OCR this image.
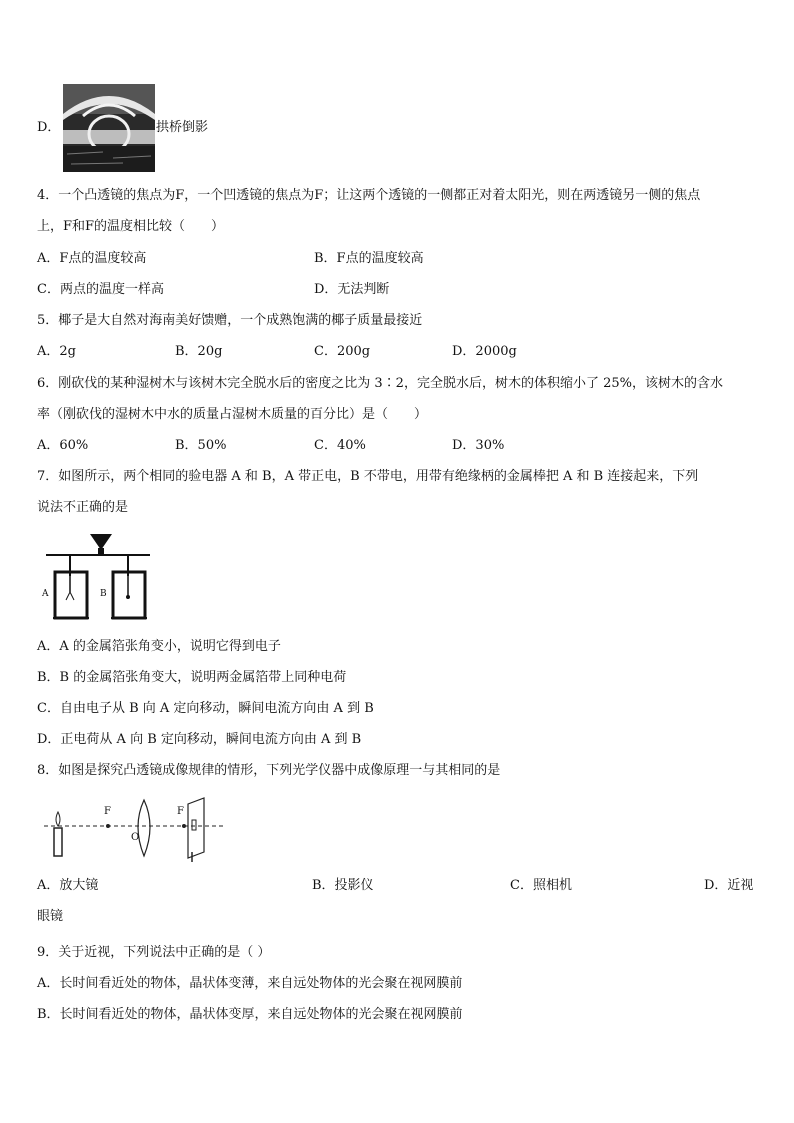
D．	拱桥倒影
4．一个凸透镜的焦点为F，一个凹透镜的焦点为F；让这两个透镜的一侧都正对着太阳光，则在两透镜另一侧的焦点
上，F和F的温度相比较（　　）
A．F点的温度较高	B．F点的温度较高
C．两点的温度一样高	D．无法判断
5．椰子是大自然对海南美好馈赠，一个成熟饱满的椰子质量最接近
A．2g	B．20g	C．200g	D．2000g
6．刚砍伐的某种湿树木与该树木完全脱水后的密度之比为 3∶2，完全脱水后，树木的体积缩小了 25%，该树木的含水
率（刚砍伐的湿树木中水的质量占湿树木质量的百分比）是（　　）
A．60%	B．50%	C．40%	D．30%
7．如图所示，两个相同的验电器 A 和 B，A 带正电，B 不带电，用带有绝缘柄的金属棒把 A 和 B 连接起来，下列
说法不正确的是
A	B
A．A 的金属箔张角变小，说明它得到电子
B．B 的金属箔张角变大，说明两金属箔带上同种电荷
C．自由电子从 B 向 A 定向移动，瞬间电流方向由 A 到 B
D．正电荷从 A 向 B 定向移动，瞬间电流方向由 A 到 B
8．如图是探究凸透镜成像规律的情形，下列光学仪器中成像原理一与其相同的是
F	F
O
A．放大镜	B．投影仪	C．照相机	D．近视
眼镜
9．关于近视，下列说法中正确的是（ ）
A．长时间看近处的物体，晶状体变薄，来自远处物体的光会聚在视网膜前
B．长时间看近处的物体，晶状体变厚，来自远处物体的光会聚在视网膜前
